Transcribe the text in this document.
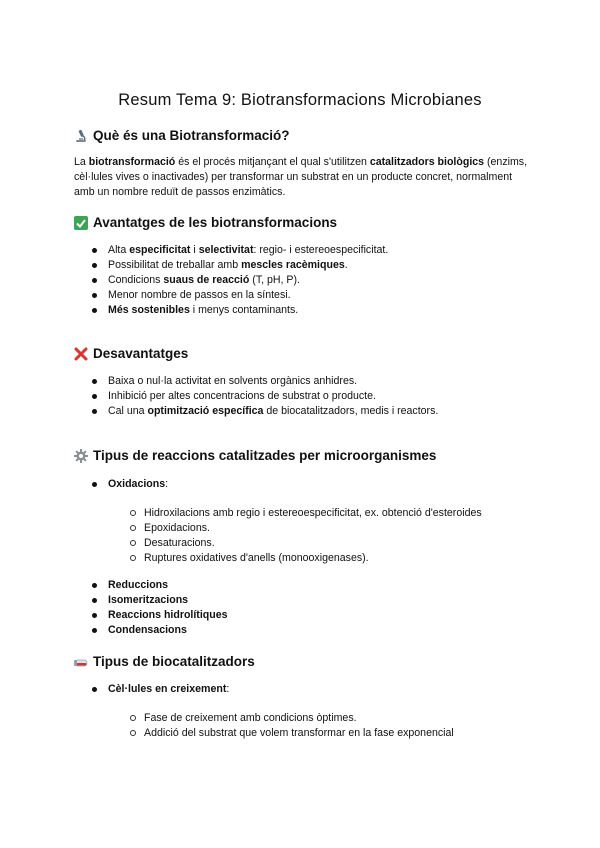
Resum Tema 9: Biotransformacions Microbianes
Què és una Biotransformació?

La biotransformació és el procés mitjançant el qual s'utilitzen catalitzadors biològics (enzims, cèl·lules vives o inactivades) per transformar un substrat en un producte concret, normalment amb un nombre reduït de passos enzimàtics.

Avantatges de les biotransformacions
Alta especificitat i selectivitat: regio- i estereoespecificitat.
Possibilitat de treballar amb mescles racèmiques.
Condicions suaus de reacció (T, pH, P).
Menor nombre de passos en la síntesi.
Més sostenibles i menys contaminants.
Desavantatges
Baixa o nul·la activitat en solvents orgànics anhidres.
Inhibició per altes concentracions de substrat o producte.
Cal una optimització específica de biocatalitzadors, medis i reactors.
Tipus de reaccions catalitzades per microorganismes
Oxidacions:
Hidroxilacions amb regio i estereoespecificitat, ex. obtenció d'esteroides
Epoxidacions.
Desaturacions.
Ruptures oxidatives d'anells (monooxigenases).
Reduccions
Isomeritzacions
Reaccions hidrolítiques
Condensacions
Tipus de biocatalitzadors
Cèl·lules en creixement:
Fase de creixement amb condicions òptimes.
Addició del substrat que volem transformar en la fase exponencial
